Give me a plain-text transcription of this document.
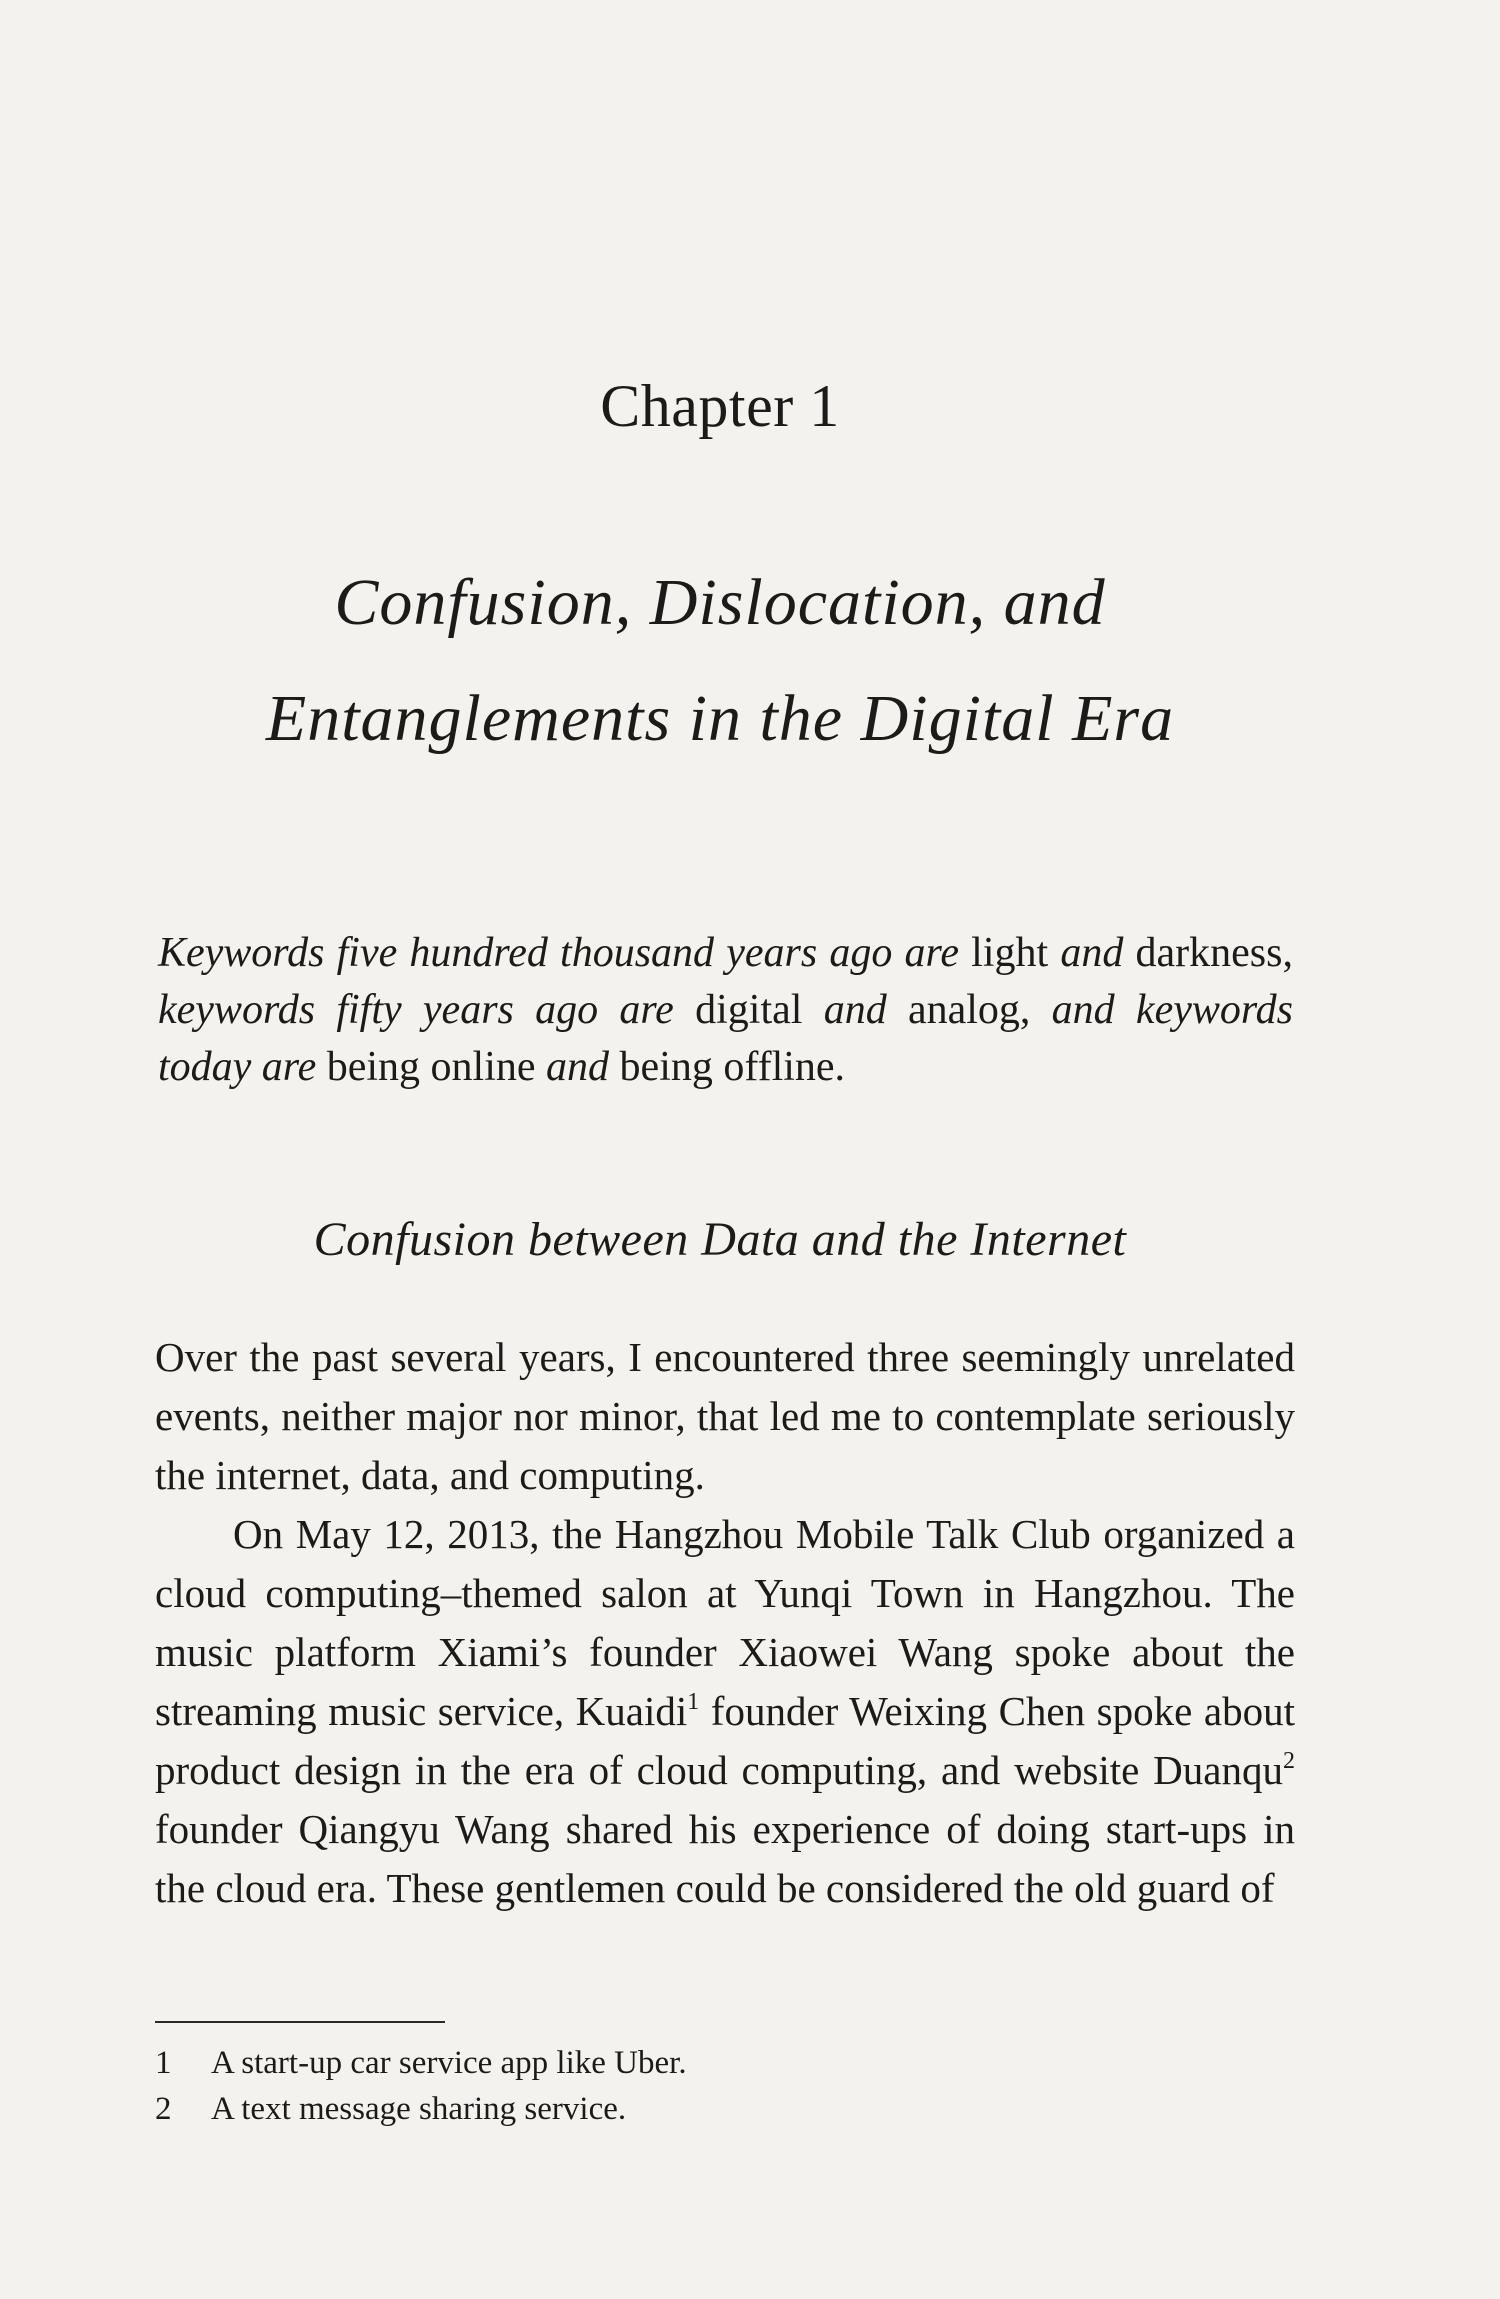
Chapter 1
Confusion, Dislocation, and
Entanglements in the Digital Era
Keywords five hundred thousand years ago are light and darkness, keywords fifty years ago are digital and analog, and keywords today are being online and being offline.
Confusion between Data and the Internet

Over the past several years, I encountered three seemingly unrelated events, neither major nor minor, that led me to contemplate seriously the internet, data, and computing.

On May 12, 2013, the Hangzhou Mobile Talk Club organized a cloud computing–themed salon at Yunqi Town in Hangzhou. The music platform Xiami’s founder Xiaowei Wang spoke about the streaming music service, Kuaidi$^1$ founder Weixing Chen spoke about product design in the era of cloud computing, and website Duanqu$^2$ founder Qiangyu Wang shared his experience of doing start-ups in the cloud era. These gentlemen could be considered the old guard of

1	A start-up car service app like Uber.
2	A text message sharing service.
